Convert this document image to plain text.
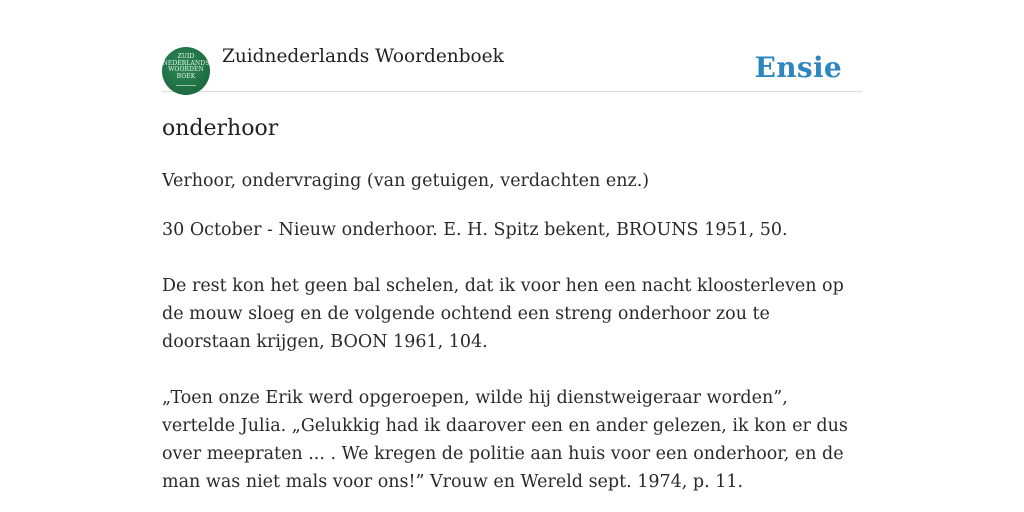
ZUID
NEDERLANDS
WOORDEN
BOEK
Zuidnederlands Woordenboek	Ensie
onderhoor
Verhoor, ondervraging (van getuigen, verdachten enz.)

30 October - Nieuw onderhoor. E. H. Spitz bekent, BROUNS 1951, 50.

De rest kon het geen bal schelen, dat ik voor hen een nacht kloosterleven op de mouw sloeg en de volgende ochtend een streng onderhoor zou te doorstaan krijgen, BOON 1961, 104.

„Toen onze Erik werd opgeroepen, wilde hij dienstweigeraar worden”, vertelde Julia. „Gelukkig had ik daarover een en ander gelezen, ik kon er dus over meepraten ... . We kregen de politie aan huis voor een onderhoor, en de man was niet mals voor ons!” Vrouw en Wereld sept. 1974, p. 11.
